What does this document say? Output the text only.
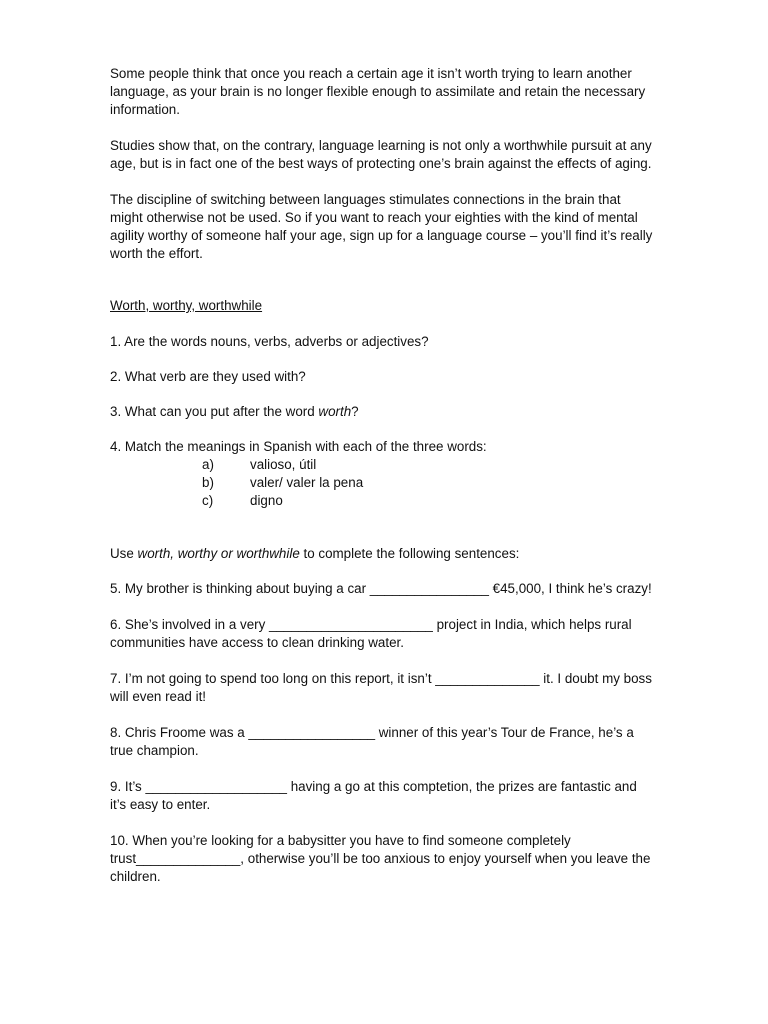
Some people think that once you reach a certain age it isn’t worth trying to learn another language, as your brain is no longer flexible enough to assimilate and retain the necessary information.

Studies show that, on the contrary, language learning is not only a worthwhile pursuit at any age, but is in fact one of the best ways of protecting one’s brain against the effects of aging.

The discipline of switching between languages stimulates connections in the brain that might otherwise not be used. So if you want to reach your eighties with the kind of mental agility worthy of someone half your age, sign up for a language course – you’ll find it’s really worth the effort.

Worth, worthy, worthwhile

1. Are the words nouns, verbs, adverbs or adjectives?

2. What verb are they used with?

3. What can you put after the word worth?

4. Match the meanings in Spanish with each of the three words:

a)	valioso, útil
b)	valer/ valer la pena
c)	digno

Use worth, worthy or worthwhile to complete the following sentences:

5. My brother is thinking about buying a car ________________ €45,000, I think he’s crazy!

6. She’s involved in a very ______________________ project in India, which helps rural communities have access to clean drinking water.

7. I’m not going to spend too long on this report, it isn’t ______________ it. I doubt my boss will even read it!

8. Chris Froome was a _________________ winner of this year’s Tour de France, he’s a true champion.

9. It’s ___________________ having a go at this comptetion, the prizes are fantastic and it’s easy to enter.

10. When you’re looking for a babysitter you have to find someone completely trust______________, otherwise you’ll be too anxious to enjoy yourself when you leave the children.
